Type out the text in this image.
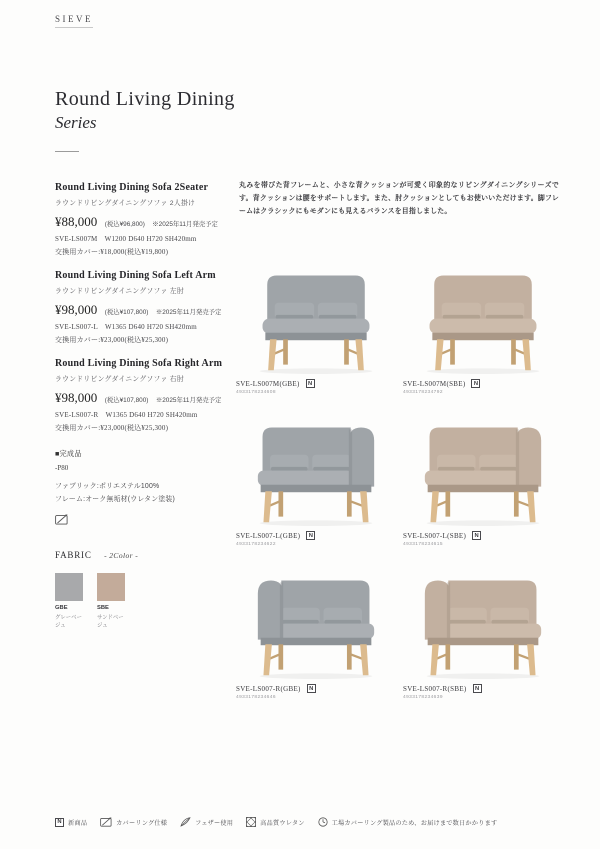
SIEVE
Round Living Dining
Series
Round Living Dining Sofa 2Seater
ラウンドリビングダイニングソファ 2人掛け
¥88,000 (税込¥96,800) ※2025年11月発売予定
SVE-LS007M　W1200 D640 H720 SH420mm
交換用カバー:¥18,000(税込¥19,800)
Round Living Dining Sofa Left Arm
ラウンドリビングダイニングソファ 左肘
¥98,000 (税込¥107,800) ※2025年11月発売予定
SVE-LS007-L　W1365 D640 H720 SH420mm
交換用カバー:¥23,000(税込¥25,300)
Round Living Dining Sofa Right Arm
ラウンドリビングダイニングソファ 右肘
¥98,000 (税込¥107,800) ※2025年11月発売予定
SVE-LS007-R　W1365 D640 H720 SH420mm
交換用カバー:¥23,000(税込¥25,300)
■完成品
-P80
ファブリック:ポリエステル100%
フレーム:オーク無垢材(ウレタン塗装)
FABRIC - 2Color -
GBE
グレーベージュ
SBE
サンドベージュ
丸みを帯びた背フレームと、小さな背クッションが可愛く印象的なリビングダイニングシリーズです。背クッションは腰をサポートします。また、肘クッションとしてもお使いいただけます。脚フレームはクラシックにもモダンにも見えるバランスを目指しました。
SVE-LS007M(GBE)	N
4933178234608
SVE-LS007M(SBE)	N
4933178234792
SVE-LS007-L(GBE)	N
4933178234622
SVE-LS007-L(SBE)	N
4933178234615
SVE-LS007-R(GBE)	N
4933178234646
SVE-LS007-R(SBE)	N
4933178234639
N	新商品	カバーリング仕様	フェザー使用	高品質ウレタン	工場カバーリング製品のため、お届けまで数日かかります
